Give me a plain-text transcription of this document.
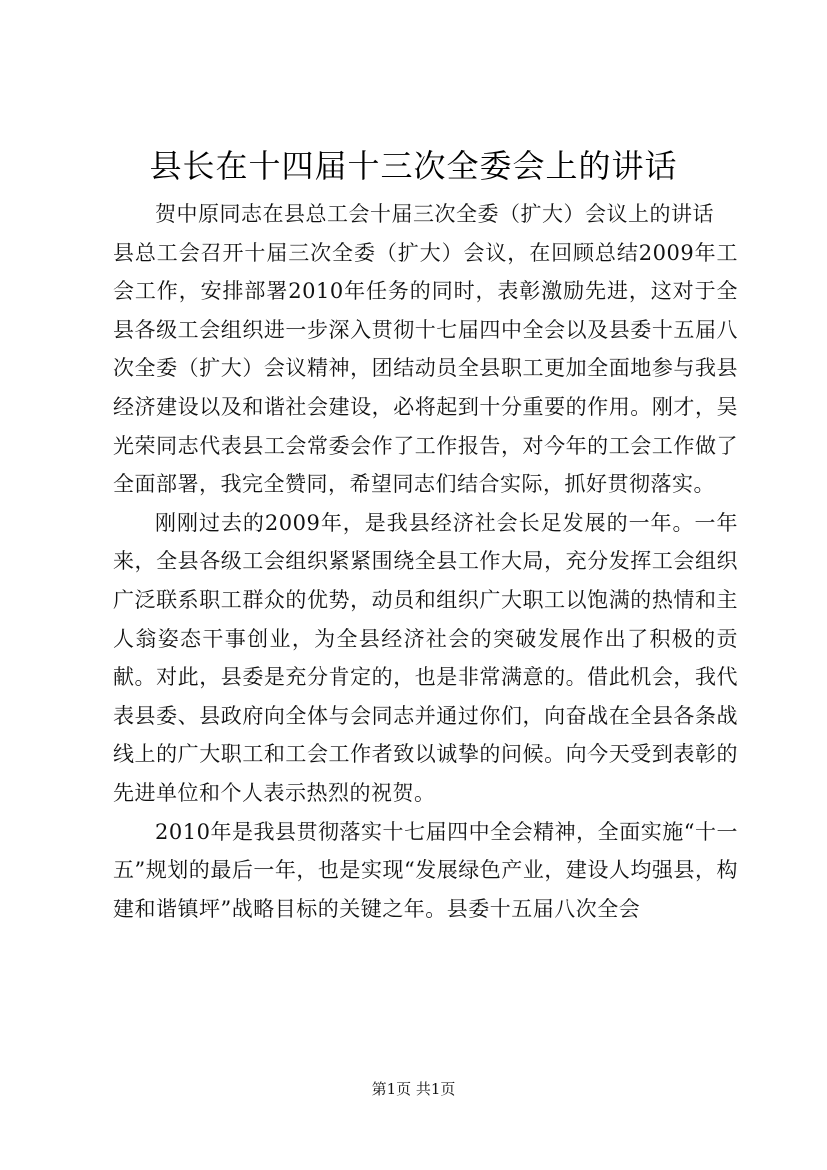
县长在十四届十三次全委会上的讲话

贺中原同志在县总工会十届三次全委（扩大）会议上的讲话

县总工会召开十届三次全委（扩大）会议，在回顾总结2009年工会工作，安排部署2010年任务的同时，表彰激励先进，这对于全县各级工会组织进一步深入贯彻十七届四中全会以及县委十五届八次全委（扩大）会议精神，团结动员全县职工更加全面地参与我县经济建设以及和谐社会建设，必将起到十分重要的作用。刚才，吴光荣同志代表县工会常委会作了工作报告，对今年的工会工作做了全面部署，我完全赞同，希望同志们结合实际，抓好贯彻落实。

刚刚过去的2009年，是我县经济社会长足发展的一年。一年来，全县各级工会组织紧紧围绕全县工作大局，充分发挥工会组织广泛联系职工群众的优势，动员和组织广大职工以饱满的热情和主人翁姿态干事创业，为全县经济社会的突破发展作出了积极的贡献。对此，县委是充分肯定的，也是非常满意的。借此机会，我代表县委、县政府向全体与会同志并通过你们，向奋战在全县各条战线上的广大职工和工会工作者致以诚挚的问候。向今天受到表彰的先进单位和个人表示热烈的祝贺。

2010年是我县贯彻落实十七届四中全会精神，全面实施“十一五”规划的最后一年，也是实现“发展绿色产业，建设人均强县，构建和谐镇坪”战略目标的关键之年。县委十五届八次全会

第1页 共1页
